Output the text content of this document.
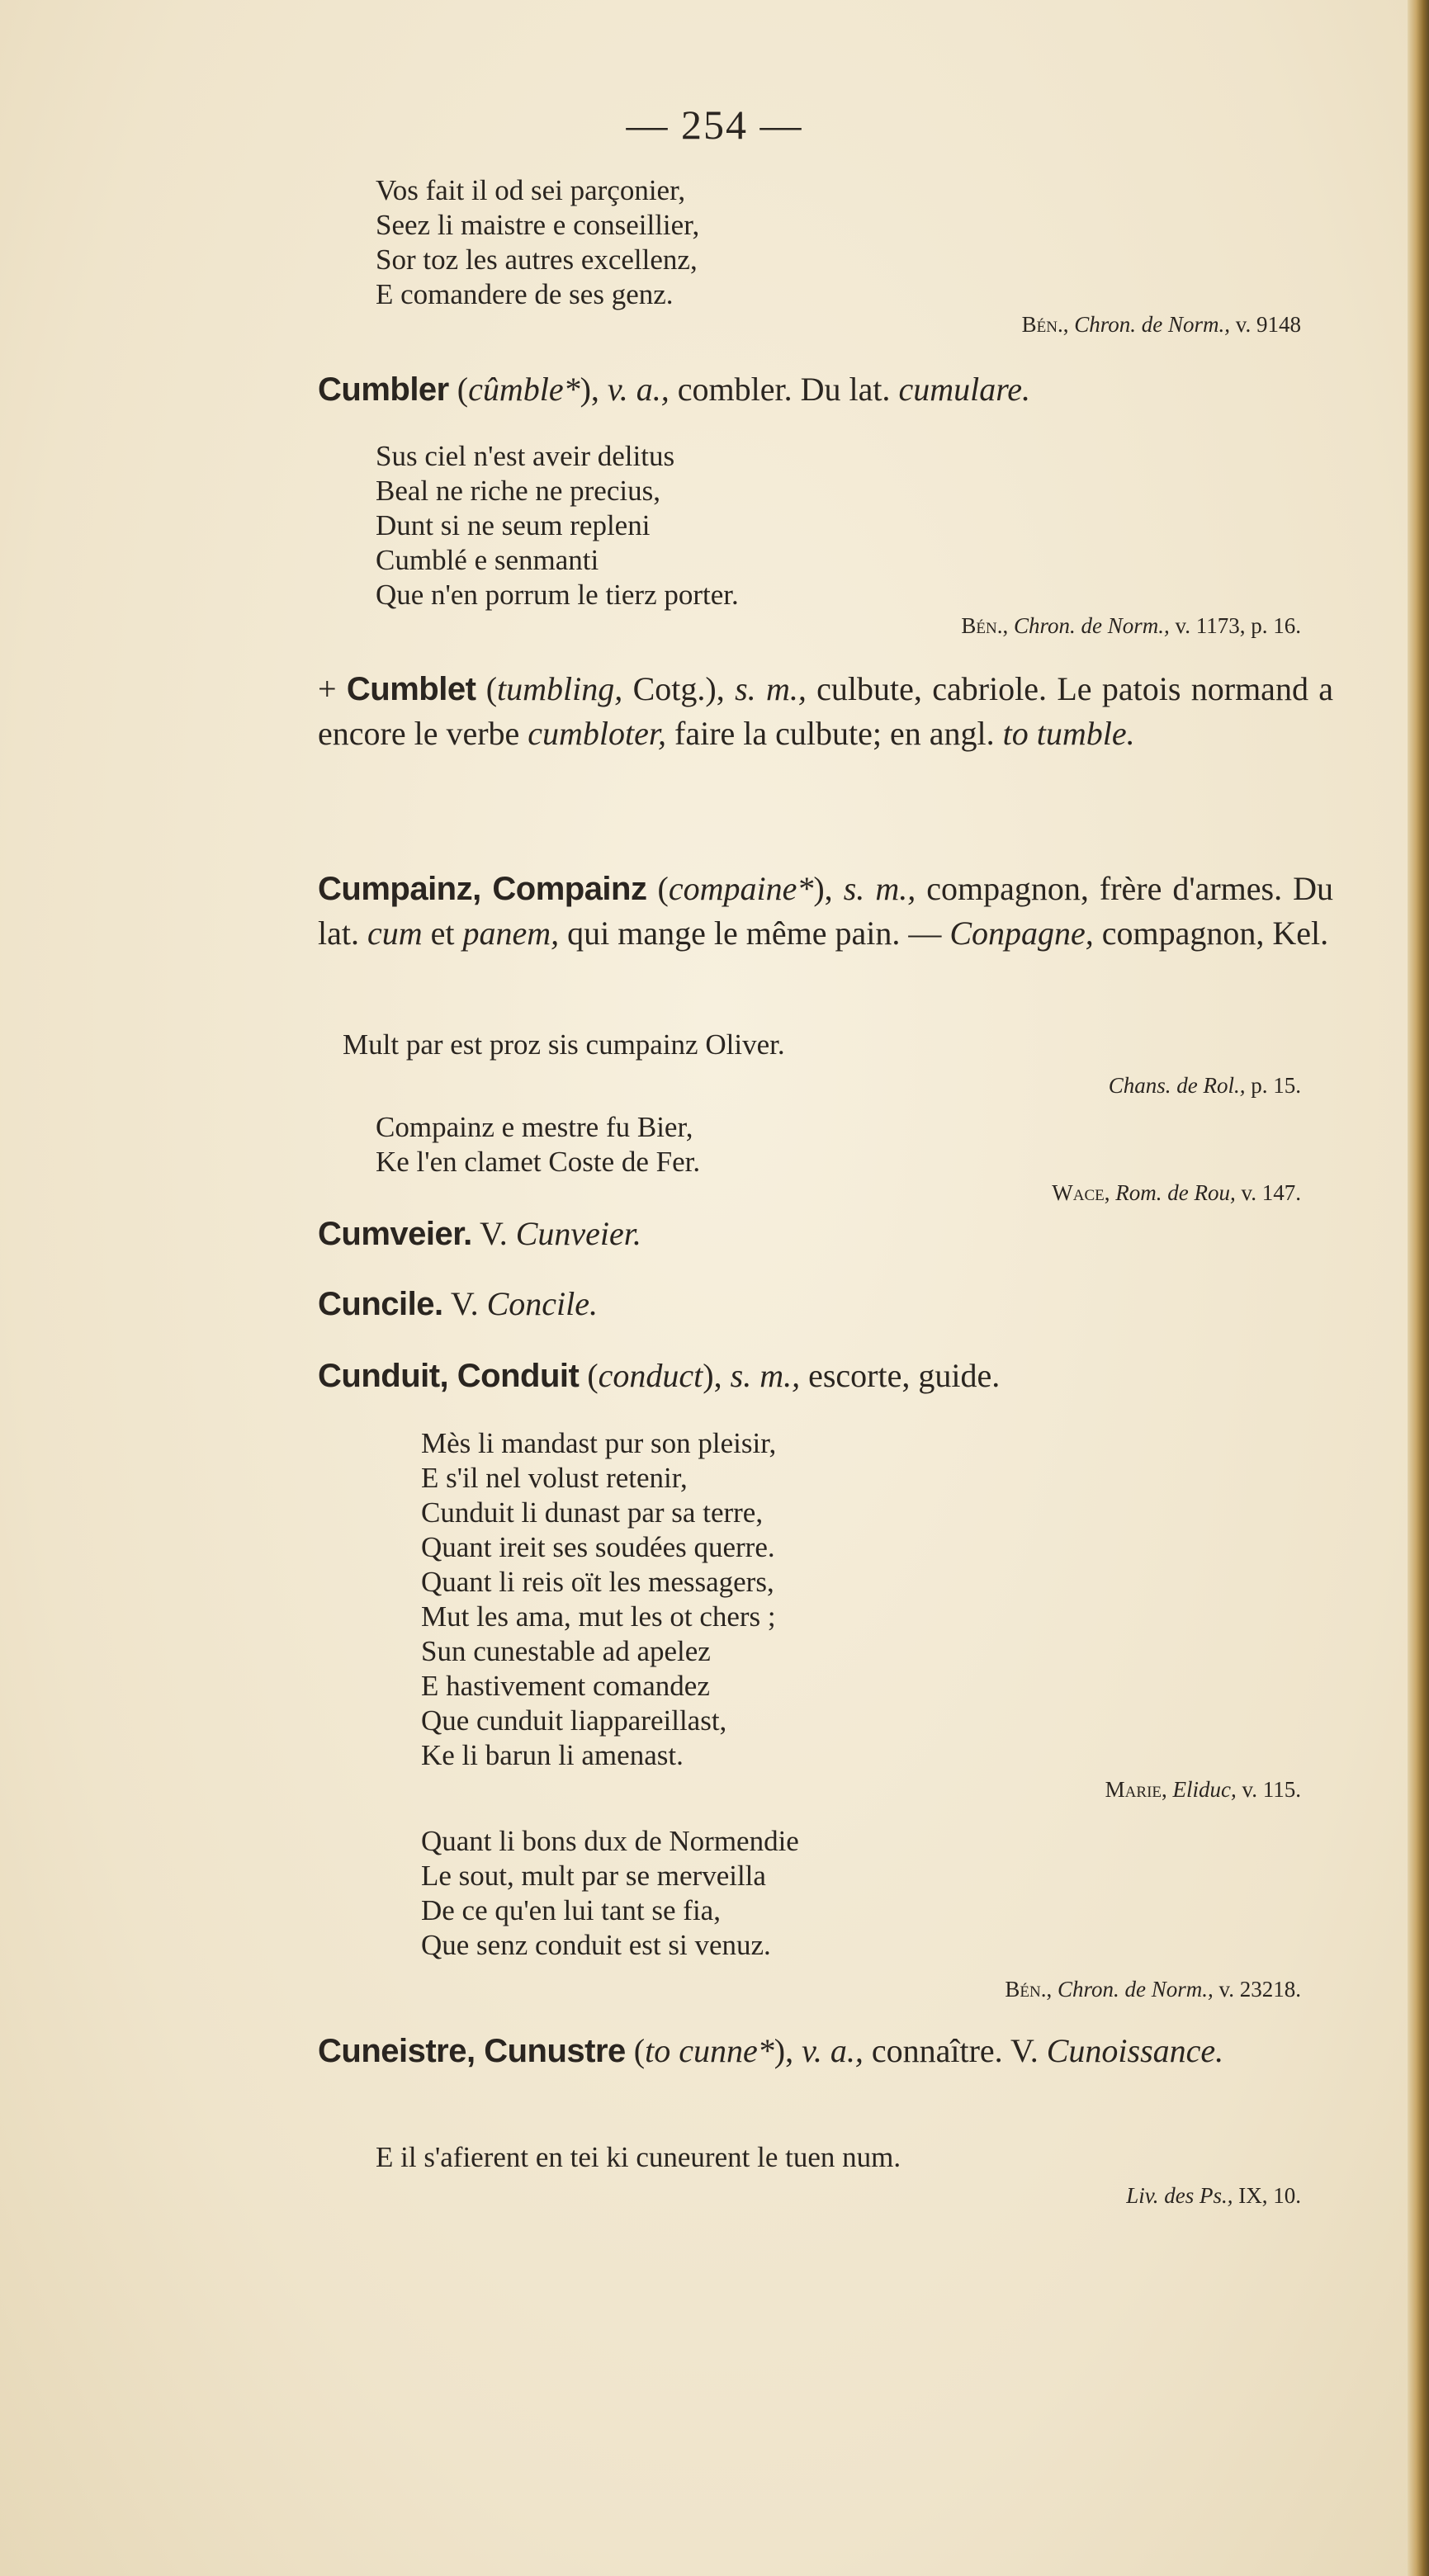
— 254 —
Vos fait il od sei parçonier,
Seez li maistre e conseillier,
Sor toz les autres excellenz,
E comandere de ses genz.
Bén., Chron. de Norm., v. 9148
Cumbler (cûmble*), v. a., combler. Du lat. cumulare.
Sus ciel n'est aveir delitus
Beal ne riche ne precius,
Dunt si ne seum repleni
Cumblé e senmanti
Que n'en porrum le tierz porter.
Bén., Chron. de Norm., v. 1173, p. 16.
+ Cumblet (tumbling, Cotg.), s. m., culbute, cabriole. Le patois normand a encore le verbe cumbloter, faire la culbute; en angl. to tumble.
Cumpainz, Compainz (compaine*), s. m., compagnon, frère d'armes. Du lat. cum et panem, qui mange le même pain. — Conpagne, compagnon, Kel.
Mult par est proz sis cumpainz Oliver.
Chans. de Rol., p. 15.
Compainz e mestre fu Bier,
Ke l'en clamet Coste de Fer.
Wace, Rom. de Rou, v. 147.
Cumveier. V. Cunveier.
Cuncile. V. Concile.
Cunduit, Conduit (conduct), s. m., escorte, guide.
Mès li mandast pur son pleisir,
E s'il nel volust retenir,
Cunduit li dunast par sa terre,
Quant ireit ses soudées querre.
Quant li reis oït les messagers,
Mut les ama, mut les ot chers ;
Sun cunestable ad apelez
E hastivement comandez
Que cunduit liappareillast,
Ke li barun li amenast.
Marie, Eliduc, v. 115.
Quant li bons dux de Normendie
Le sout, mult par se merveilla
De ce qu'en lui tant se fia,
Que senz conduit est si venuz.
Bén., Chron. de Norm., v. 23218.
Cuneistre, Cunustre (to cunne*), v. a., connaître. V. Cunoissance.
E il s'afierent en tei ki cuneurent le tuen num.
Liv. des Ps., IX, 10.
